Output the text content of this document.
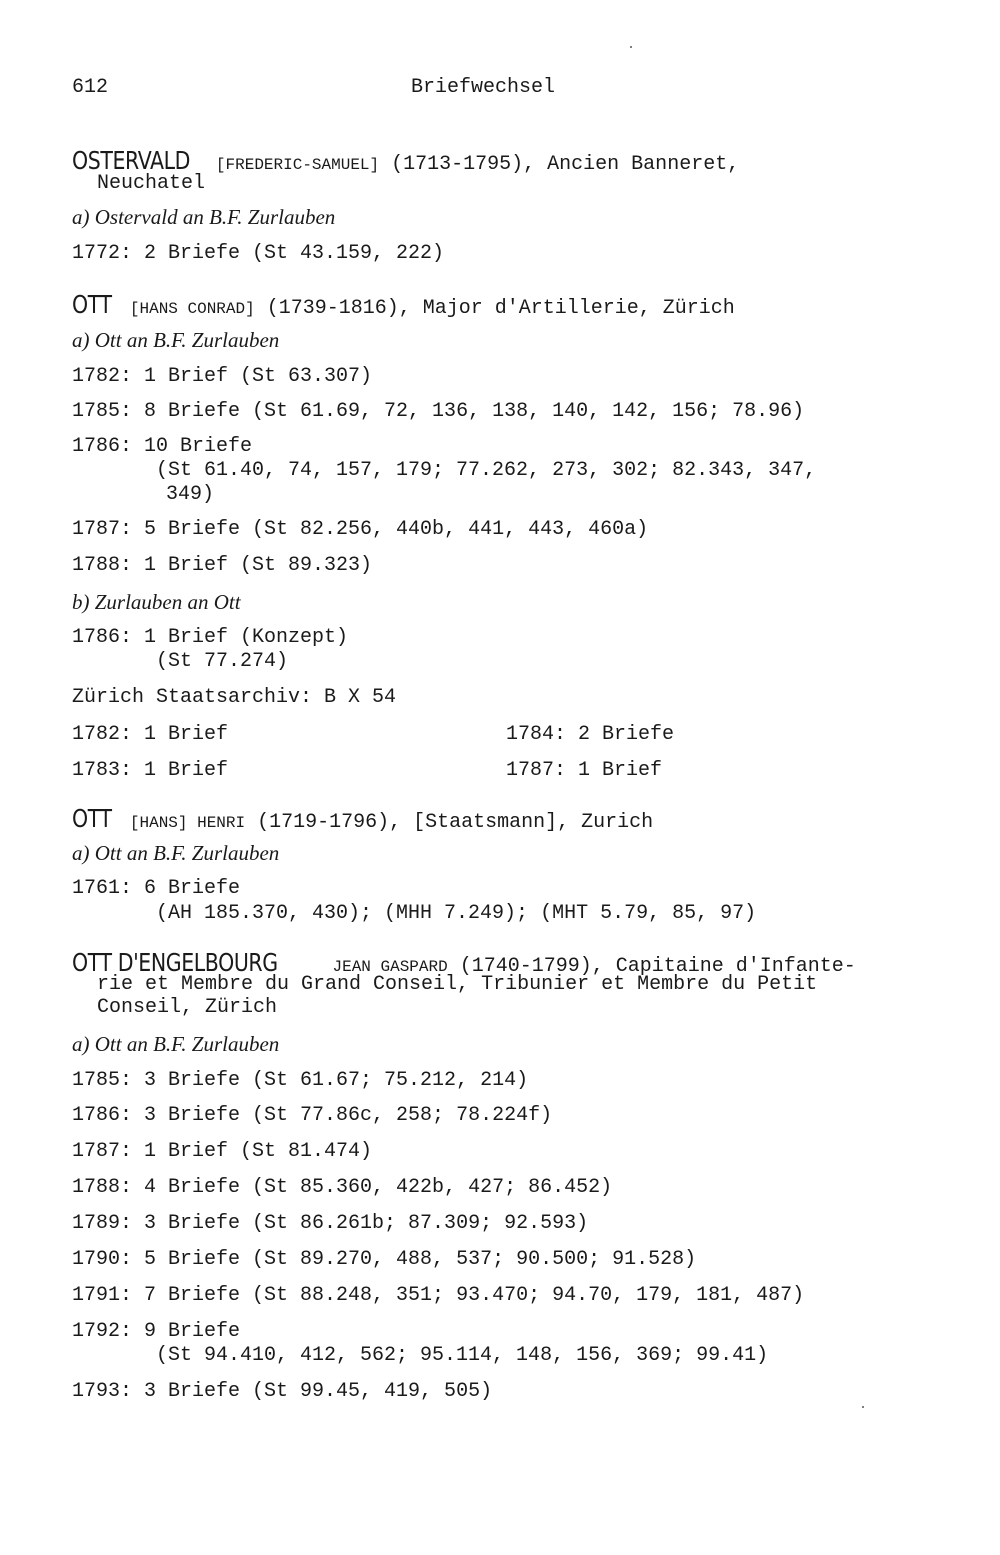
612	Briefwechsel
OSTERVALD [FREDERIC-SAMUEL] (1713-1795), Ancien Banneret,
Neuchatel
a) Ostervald an B.F. Zurlauben
1772: 2 Briefe (St 43.159, 222)
OTT [HANS CONRAD] (1739-1816), Major d'Artillerie, Zürich
a) Ott an B.F. Zurlauben
1782: 1 Brief (St 63.307)
1785: 8 Briefe (St 61.69, 72, 136, 138, 140, 142, 156; 78.96)
1786: 10 Briefe
(St 61.40, 74, 157, 179; 77.262, 273, 302; 82.343, 347,
349)
1787: 5 Briefe (St 82.256, 440b, 441, 443, 460a)
1788: 1 Brief (St 89.323)
b) Zurlauben an Ott
1786: 1 Brief (Konzept)
(St 77.274)
Zürich Staatsarchiv: B X 54
1782: 1 Brief	1784: 2 Briefe
1783: 1 Brief	1787: 1 Brief
OTT [HANS] HENRI (1719-1796), [Staatsmann], Zurich
a) Ott an B.F. Zurlauben
1761: 6 Briefe
(AH 185.370, 430); (MHH 7.249); (MHT 5.79, 85, 97)
OTT D'ENGELBOURG	JEAN GASPARD (1740-1799), Capitaine d'Infante-
rie et Membre du Grand Conseil, Tribunier et Membre du Petit
Conseil, Zürich
a) Ott an B.F. Zurlauben
1785: 3 Briefe (St 61.67; 75.212, 214)
1786: 3 Briefe (St 77.86c, 258; 78.224f)
1787: 1 Brief (St 81.474)
1788: 4 Briefe (St 85.360, 422b, 427; 86.452)
1789: 3 Briefe (St 86.261b; 87.309; 92.593)
1790: 5 Briefe (St 89.270, 488, 537; 90.500; 91.528)
1791: 7 Briefe (St 88.248, 351; 93.470; 94.70, 179, 181, 487)
1792: 9 Briefe
(St 94.410, 412, 562; 95.114, 148, 156, 369; 99.41)
1793: 3 Briefe (St 99.45, 419, 505)
